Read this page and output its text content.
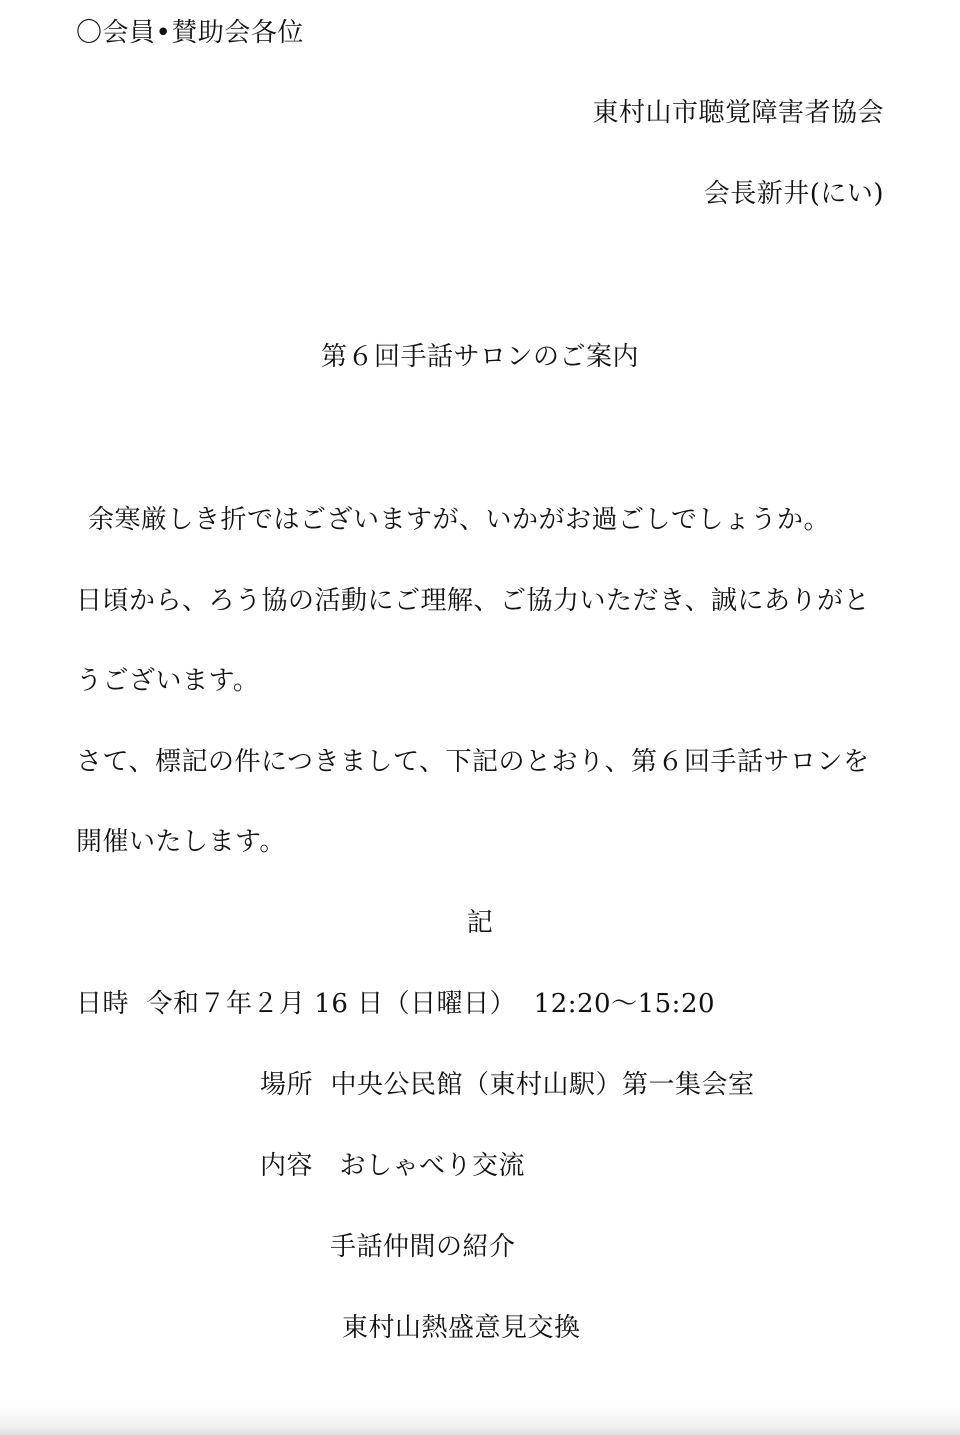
〇会員•賛助会各位
東村山市聴覚障害者協会
会長新井(にい)
第６回手話サロンのご案内
余寒厳しき折ではございますが、いかがお過ごしでしょうか。
日頃から、ろう協の活動にご理解、ご協力いただき、誠にありがと
うございます。
さて、標記の件につきまして、下記のとおり、第６回手話サロンを
開催いたします。
記
日時  令和７年２月 16 日（日曜日）  12:20〜15:20
場所  中央公民館（東村山駅）第一集会室
内容　おしゃべり交流
手話仲間の紹介
東村山熱盛意見交換
